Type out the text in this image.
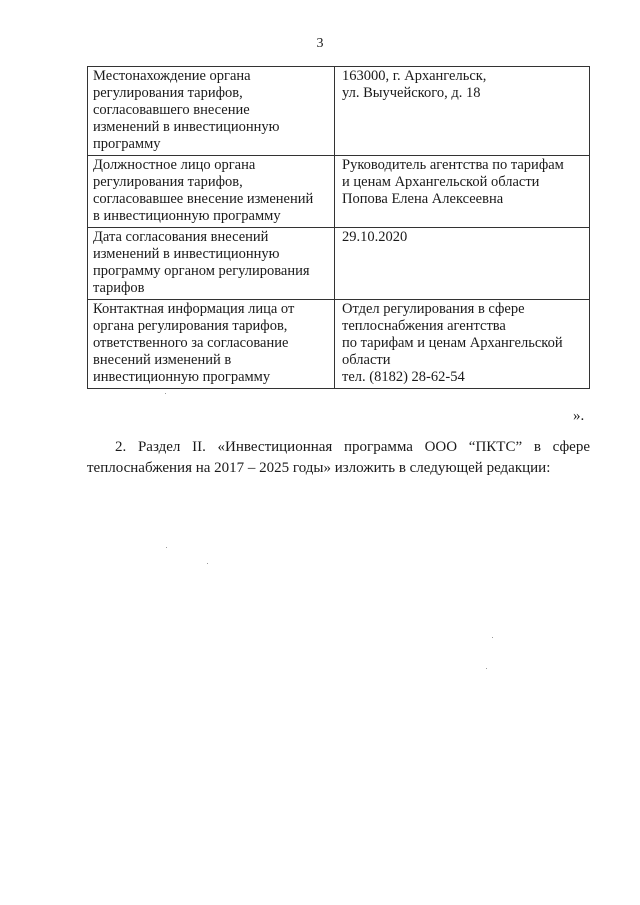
3
Местонахождение органа
регулирования тарифов,
согласовавшего внесение
изменений в инвестиционную
программу	163000, г. Архангельск,
ул. Выучейского, д. 18

Должностное лицо органа
регулирования тарифов,
согласовавшее внесение изменений
в инвестиционную программу	Руководитель агентства по тарифам
и ценам Архангельской области
Попова Елена Алексеевна

Дата согласования внесений
изменений в инвестиционную
программу органом регулирования
тарифов	29.10.2020

Контактная информация лица от
органа регулирования тарифов,
ответственного за согласование
внесений изменений в
инвестиционную программу	Отдел регулирования в сфере
теплоснабжения агентства
по тарифам и ценам Архангельской
области
тел. (8182) 28-62-54
».
2. Раздел II. «Инвестиционная программа ООО “ПКТС” в сфере
теплоснабжения на 2017 – 2025 годы» изложить в следующей редакции:
